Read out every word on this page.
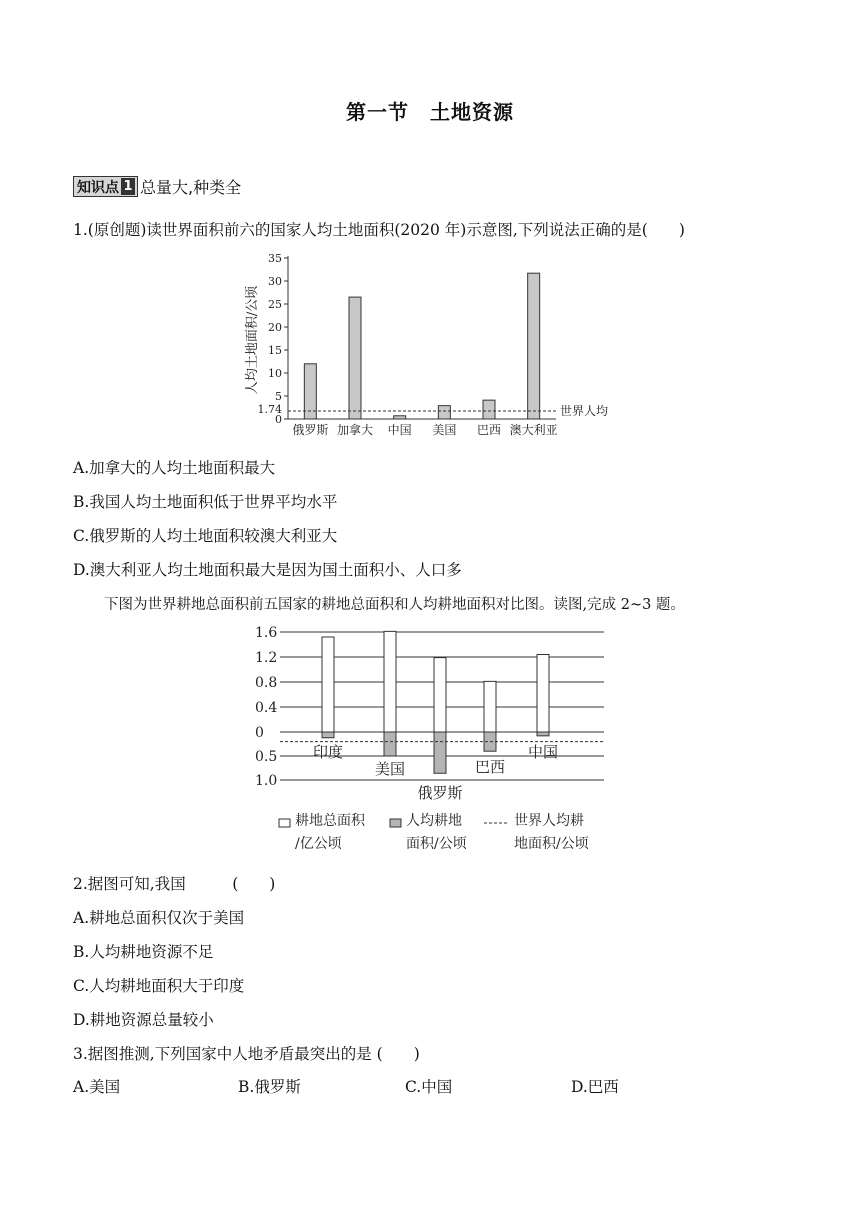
第一节　土地资源
知识点 1 总量大,种类全
1.(原创题)读世界面积前六的国家人均土地面积(2020 年)示意图,下列说法正确的是(　　)
人均土地面积/公顷
0
5
10
15
20
25
30
35
俄罗斯 加拿大 中国 美国 巴西 澳大利亚
1.74	世界人均
A.加拿大的人均土地面积最大
B.我国人均土地面积低于世界平均水平
C.俄罗斯的人均土地面积较澳大利亚大
D.澳大利亚人均土地面积最大是因为国土面积小、人口多
下图为世界耕地总面积前五国家的耕地总面积和人均耕地面积对比图。读图,完成 2~3 题。
1.6
1.2
0.8
0.4
0
0.5
1.0
印度
美国
俄罗斯
巴西
中国
耕地总面积
/亿公顷
人均耕地
面积/公顷
世界人均耕
地面积/公顷
2.据图可知,我国　　　(　　)
A.耕地总面积仅次于美国
B.人均耕地资源不足
C.人均耕地面积大于印度
D.耕地资源总量较小
3.据图推测,下列国家中人地矛盾最突出的是 (　　)
A.美国	B.俄罗斯	C.中国	D.巴西
